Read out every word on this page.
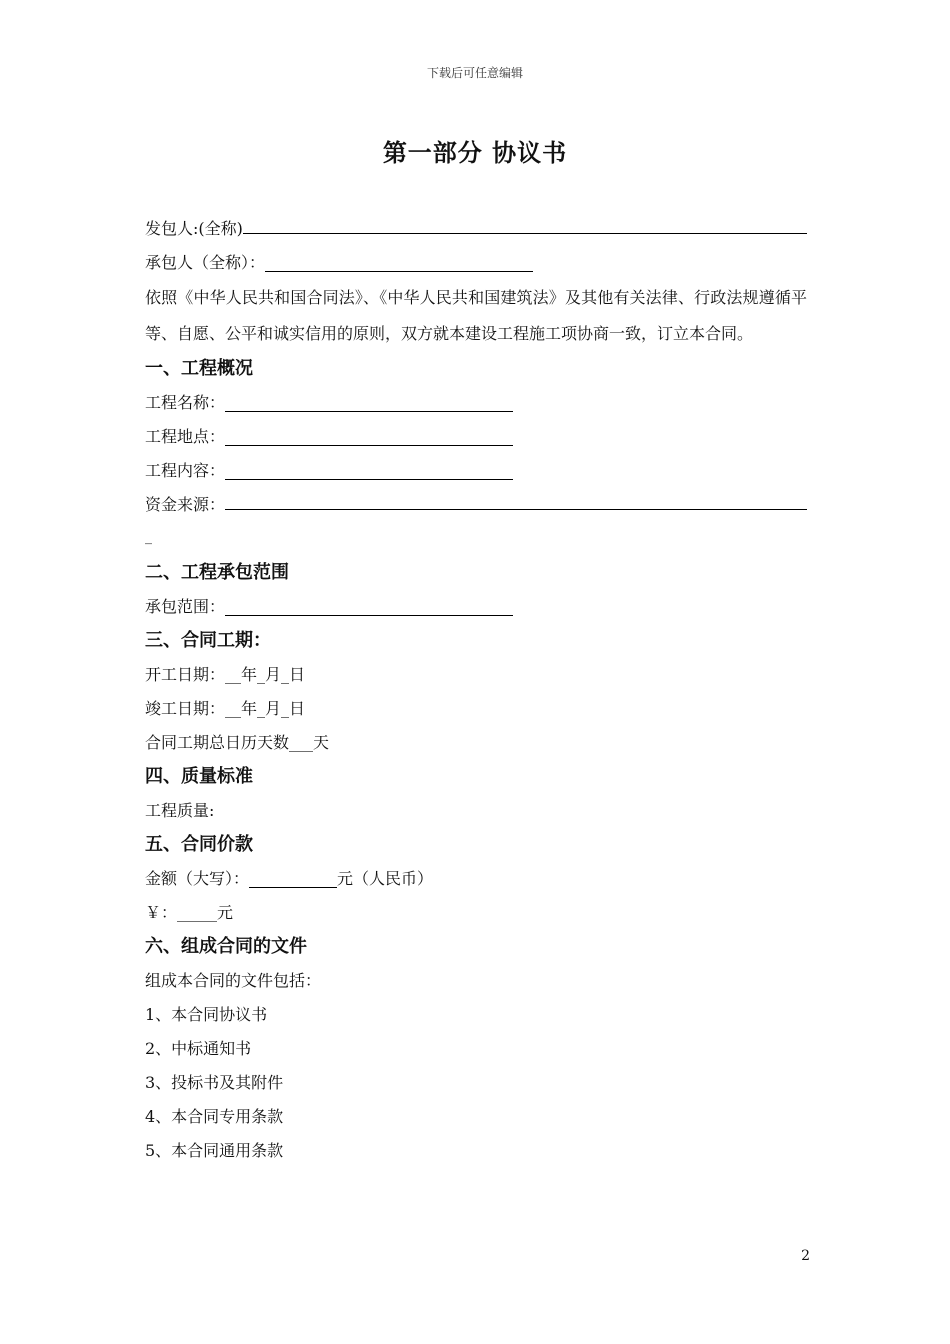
下载后可任意编辑
第一部分 协议书
发包人:(全称)
承包人（全称）：
依照《中华人民共和国合同法》、《中华人民共和国建筑法》及其他有关法律、行政法规遵循平等、自愿、公平和诚实信用的原则，双方就本建设工程施工项协商一致，订立本合同。
一、工程概况
工程名称：
工程地点：
工程内容：
资金来源：
_
二、工程承包范围
承包范围：
三、合同工期：
开工日期：__年_月_日
竣工日期：__年_月_日
合同工期总日历天数___天
四、质量标准
工程质量:
五、合同价款
金额（大写）：	元（人民币）
￥：_____元
六、组成合同的文件
组成本合同的文件包括：
1、本合同协议书
2、中标通知书
3、投标书及其附件
4、本合同专用条款
5、本合同通用条款
2
